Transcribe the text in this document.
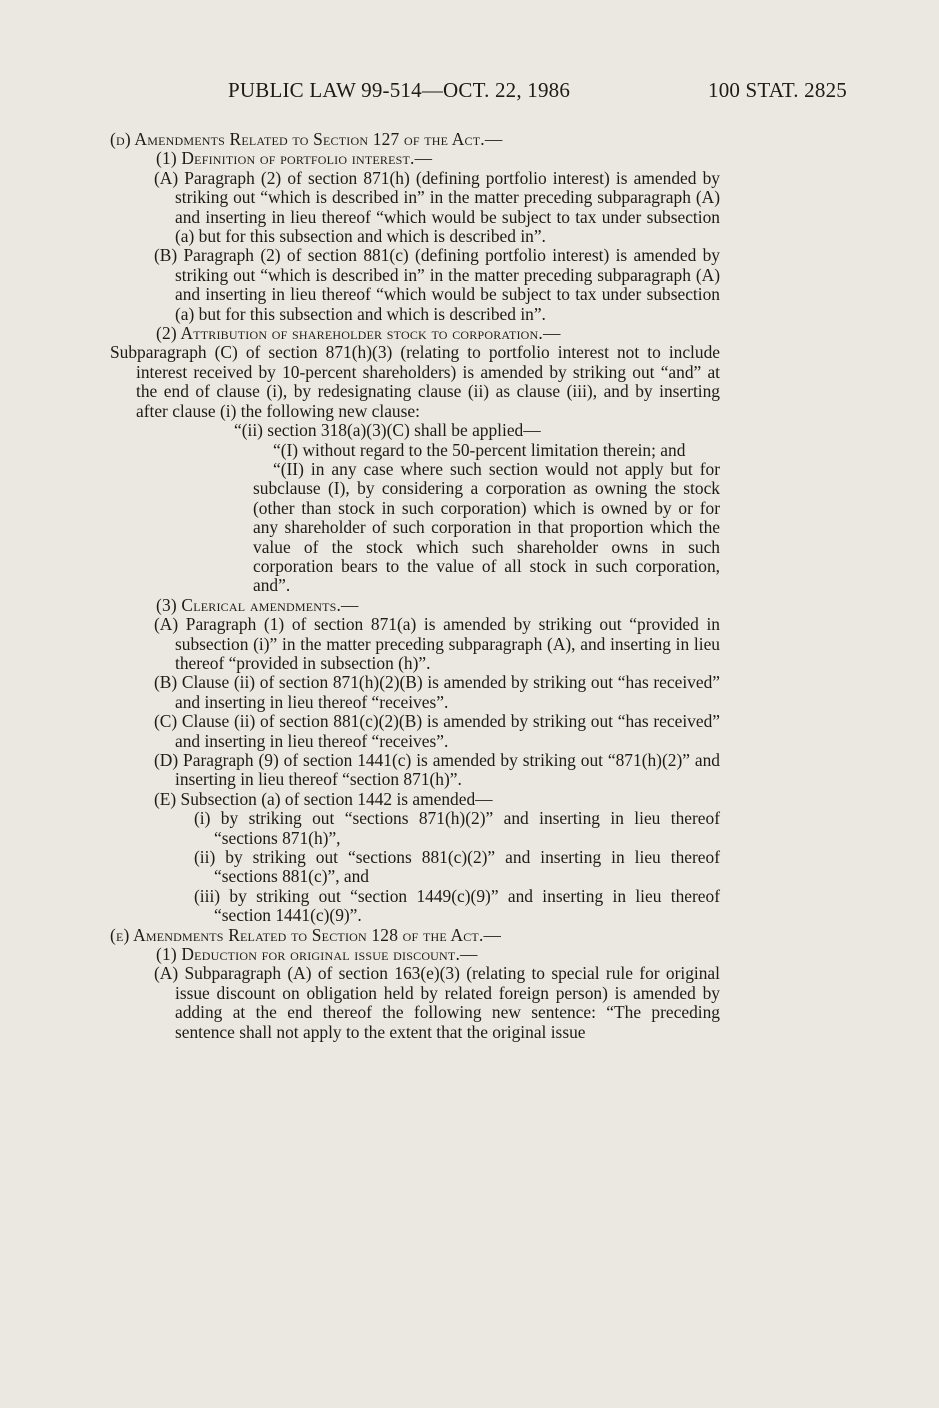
PUBLIC LAW 99-514—OCT. 22, 1986	100 STAT. 2825
(d) Amendments Related to Section 127 of the Act.—
(1) Definition of portfolio interest.—
(A) Paragraph (2) of section 871(h) (defining portfolio interest) is amended by striking out “which is described in” in the matter preceding subparagraph (A) and inserting in lieu thereof “which would be subject to tax under subsection (a) but for this subsection and which is described in”.
(B) Paragraph (2) of section 881(c) (defining portfolio interest) is amended by striking out “which is described in” in the matter preceding subparagraph (A) and inserting in lieu thereof “which would be subject to tax under subsection (a) but for this subsection and which is described in”.
(2) Attribution of shareholder stock to corporation.—
Subparagraph (C) of section 871(h)(3) (relating to portfolio interest not to include interest received by 10-percent shareholders) is amended by striking out “and” at the end of clause (i), by redesignating clause (ii) as clause (iii), and by inserting after clause (i) the following new clause:
“(ii) section 318(a)(3)(C) shall be applied—
“(I) without regard to the 50-percent limitation therein; and
“(II) in any case where such section would not apply but for subclause (I), by considering a corporation as owning the stock (other than stock in such corporation) which is owned by or for any shareholder of such corporation in that proportion which the value of the stock which such shareholder owns in such corporation bears to the value of all stock in such corporation, and”.
(3) Clerical amendments.—
(A) Paragraph (1) of section 871(a) is amended by striking out “provided in subsection (i)” in the matter preceding subparagraph (A), and inserting in lieu thereof “provided in subsection (h)”.
(B) Clause (ii) of section 871(h)(2)(B) is amended by striking out “has received” and inserting in lieu thereof “receives”.
(C) Clause (ii) of section 881(c)(2)(B) is amended by striking out “has received” and inserting in lieu thereof “receives”.
(D) Paragraph (9) of section 1441(c) is amended by striking out “871(h)(2)” and inserting in lieu thereof “section 871(h)”.
(E) Subsection (a) of section 1442 is amended—
(i) by striking out “sections 871(h)(2)” and inserting in lieu thereof “sections 871(h)”,
(ii) by striking out “sections 881(c)(2)” and inserting in lieu thereof “sections 881(c)”, and
(iii) by striking out “section 1449(c)(9)” and inserting in lieu thereof “section 1441(c)(9)”.
(e) Amendments Related to Section 128 of the Act.—
(1) Deduction for original issue discount.—
(A) Subparagraph (A) of section 163(e)(3) (relating to special rule for original issue discount on obligation held by related foreign person) is amended by adding at the end thereof the following new sentence: “The preceding sentence shall not apply to the extent that the original issue
